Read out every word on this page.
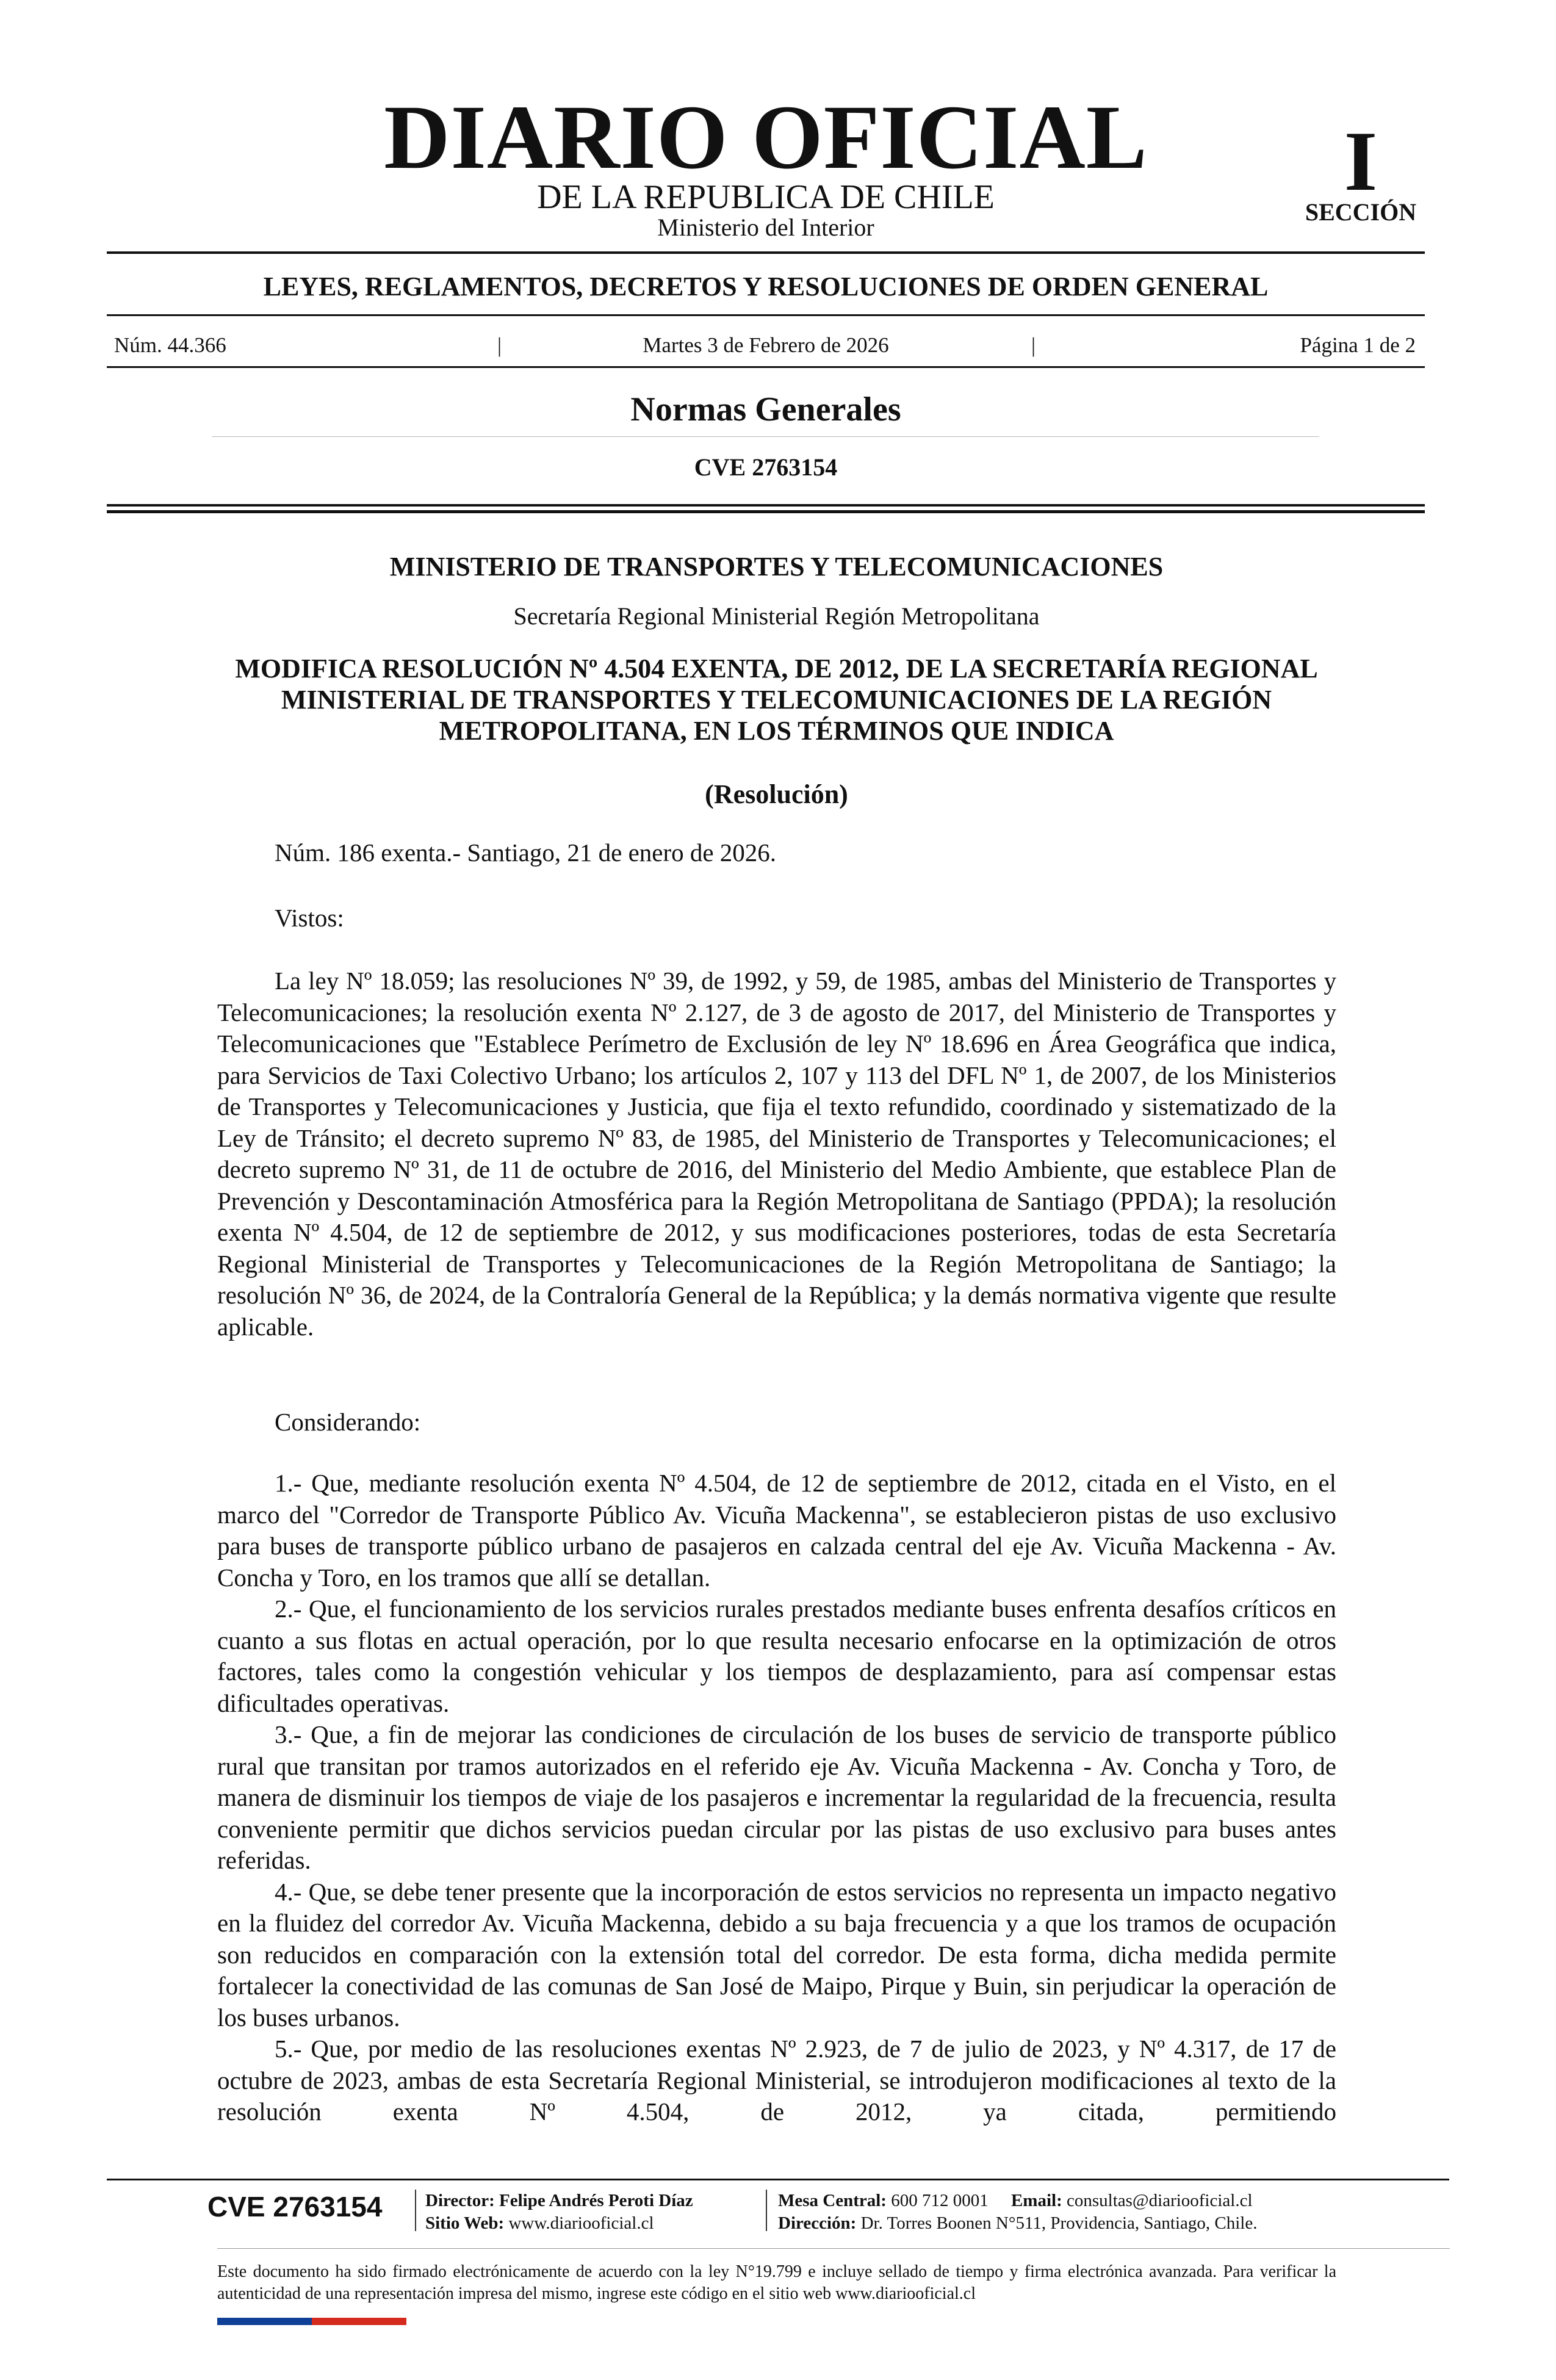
DIARIO OFICIAL
DE LA REPUBLICA DE CHILE
Ministerio del Interior
I
SECCIÓN
LEYES, REGLAMENTOS, DECRETOS Y RESOLUCIONES DE ORDEN GENERAL
Núm. 44.366	|	Martes 3 de Febrero de 2026	|	Página 1 de 2
Normas Generales
CVE 2763154
MINISTERIO DE TRANSPORTES Y TELECOMUNICACIONES
Secretaría Regional Ministerial Región Metropolitana
MODIFICA RESOLUCIÓN Nº 4.504 EXENTA, DE 2012, DE LA SECRETARÍA REGIONAL MINISTERIAL DE TRANSPORTES Y TELECOMUNICACIONES DE LA REGIÓN METROPOLITANA, EN LOS TÉRMINOS QUE INDICA
(Resolución)
Núm. 186 exenta.- Santiago, 21 de enero de 2026.
Vistos:

La ley Nº 18.059; las resoluciones Nº 39, de 1992, y 59, de 1985, ambas del Ministerio de Transportes y Telecomunicaciones; la resolución exenta Nº 2.127, de 3 de agosto de 2017, del Ministerio de Transportes y Telecomunicaciones que "Establece Perímetro de Exclusión de ley Nº 18.696 en Área Geográfica que indica, para Servicios de Taxi Colectivo Urbano; los artículos 2, 107 y 113 del DFL Nº 1, de 2007, de los Ministerios de Transportes y Telecomunicaciones y Justicia, que fija el texto refundido, coordinado y sistematizado de la Ley de Tránsito; el decreto supremo Nº 83, de 1985, del Ministerio de Transportes y Telecomunicaciones; el decreto supremo Nº 31, de 11 de octubre de 2016, del Ministerio del Medio Ambiente, que establece Plan de Prevención y Descontaminación Atmosférica para la Región Metropolitana de Santiago (PPDA); la resolución exenta Nº 4.504, de 12 de septiembre de 2012, y sus modificaciones posteriores, todas de esta Secretaría Regional Ministerial de Transportes y Telecomunicaciones de la Región Metropolitana de Santiago; la resolución Nº 36, de 2024, de la Contraloría General de la República; y la demás normativa vigente que resulte aplicable.

Considerando:

1.- Que, mediante resolución exenta Nº 4.504, de 12 de septiembre de 2012, citada en el Visto, en el marco del "Corredor de Transporte Público Av. Vicuña Mackenna", se establecieron pistas de uso exclusivo para buses de transporte público urbano de pasajeros en calzada central del eje Av. Vicuña Mackenna - Av. Concha y Toro, en los tramos que allí se detallan.

2.- Que, el funcionamiento de los servicios rurales prestados mediante buses enfrenta desafíos críticos en cuanto a sus flotas en actual operación, por lo que resulta necesario enfocarse en la optimización de otros factores, tales como la congestión vehicular y los tiempos de desplazamiento, para así compensar estas dificultades operativas.

3.- Que, a fin de mejorar las condiciones de circulación de los buses de servicio de transporte público rural que transitan por tramos autorizados en el referido eje Av. Vicuña Mackenna - Av. Concha y Toro, de manera de disminuir los tiempos de viaje de los pasajeros e incrementar la regularidad de la frecuencia, resulta conveniente permitir que dichos servicios puedan circular por las pistas de uso exclusivo para buses antes referidas.

4.- Que, se debe tener presente que la incorporación de estos servicios no representa un impacto negativo en la fluidez del corredor Av. Vicuña Mackenna, debido a su baja frecuencia y a que los tramos de ocupación son reducidos en comparación con la extensión total del corredor. De esta forma, dicha medida permite fortalecer la conectividad de las comunas de San José de Maipo, Pirque y Buin, sin perjudicar la operación de los buses urbanos.

5.- Que, por medio de las resoluciones exentas Nº 2.923, de 7 de julio de 2023, y Nº 4.317, de 17 de octubre de 2023, ambas de esta Secretaría Regional Ministerial, se introdujeron modificaciones al texto de la resolución exenta Nº 4.504, de 2012, ya citada, permitiendo

CVE 2763154 Director: Felipe Andrés Peroti Díaz
Sitio Web: www.diariooficial.cl
Mesa Central: 600 712 0001 Email: consultas@diariooficial.cl
Dirección: Dr. Torres Boonen N°511, Providencia, Santiago, Chile.
Este documento ha sido firmado electrónicamente de acuerdo con la ley N°19.799 e incluye sellado de tiempo y firma electrónica avanzada. Para verificar la autenticidad de una representación impresa del mismo, ingrese este código en el sitio web www.diariooficial.cl
